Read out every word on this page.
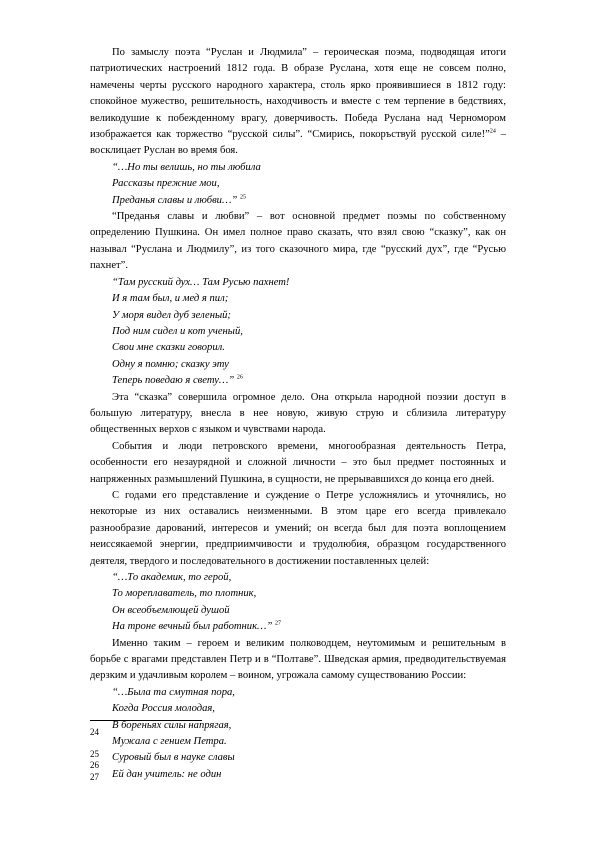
По замыслу поэта “Руслан и Людмила” – героическая поэма, подводящая итоги патриотических настроений 1812 года. В образе Руслана, хотя еще не совсем полно, намечены черты русского народного характера, столь ярко проявившиеся в 1812 году: спокойное мужество, решительность, находчивость и вместе с тем терпение в бедствиях, великодушие к побежденному врагу, доверчивость. Победа Руслана над Черномором изображается как торжество “русской силы”. “Смирись, покоръствуй русской силе!”$^{24}$ – восклицает Руслан во время боя.

“…Но ты велишь, но ты любила
Рассказы прежние мои,
Преданья славы и любви…” $^{25}$

“Преданья славы и любви” – вот основной предмет поэмы по собственному определению Пушкина. Он имел полное право сказать, что взял свою “сказку”, как он называл “Руслана и Людмилу”, из того сказочного мира, где “русский дух”, где “Русью пахнет”.

“Там русский дух… Там Русью пахнет!
И я там был, и мед я пил;
У моря видел дуб зеленый;
Под ним сидел и кот ученый,
Свои мне сказки говорил.
Одну я помню; сказку эту
Теперь поведаю я свету…” $^{26}$

Эта “сказка” совершила огромное дело. Она открыла народной поэзии доступ в большую литературу, внесла в нее новую, живую струю и сблизила литературу общественных верхов с языком и чувствами народа.

События и люди петровского времени, многообразная деятельность Петра, особенности его незаурядной и сложной личности – это был предмет постоянных и напряженных размышлений Пушкина, в сущности, не прерывавшихся до конца его дней.

С годами его представление и суждение о Петре усложнялись и уточнялись, но некоторые из них оставались неизменными. В этом царе его всегда привлекало разнообразие дарований, интересов и умений; он всегда был для поэта воплощением неиссякаемой энергии, предприимчивости и трудолюбия, образцом государственного деятеля, твердого и последовательного в достижении поставленных целей:

“…То академик, то герой,
То мореплаватель, то плотник,
Он всеобъемлющей душой
На троне вечный был работник…” $^{27}$

Именно таким – героем и великим полководцем, неутомимым и решительным в борьбе с врагами представлен Петр и в “Полтаве”. Шведская армия, предводительствуемая дерзким и удачливым королем – воином, угрожала самому существованию России:

“…Была та смутная пора,
Когда Россия молодая,
В бореньях силы напрягая,
Мужала с гением Петра.
Суровый был в науке славы
Ей дан учитель: не один
24
25
26
27
